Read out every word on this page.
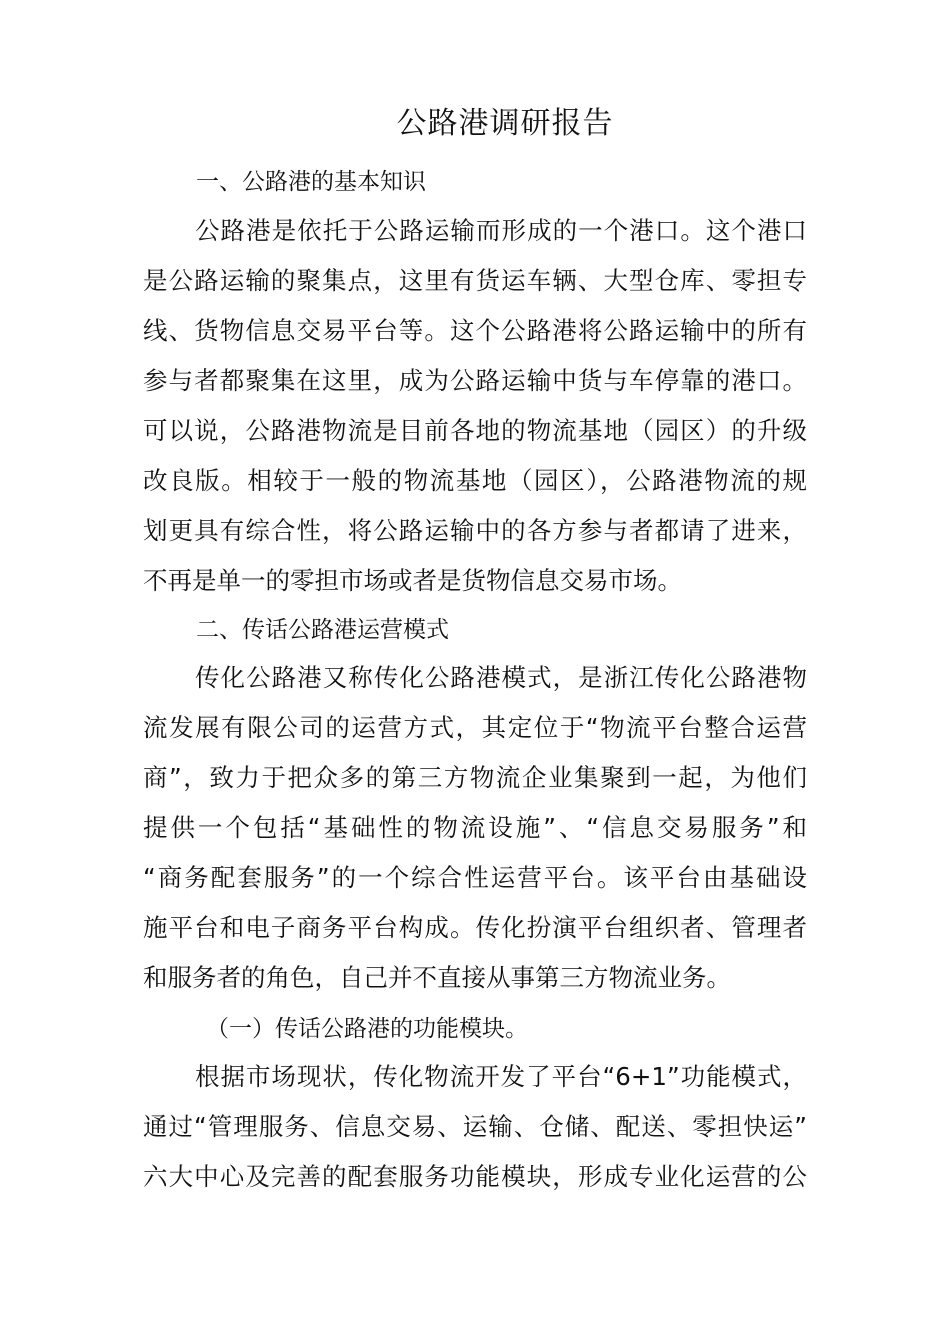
公路港调研报告
一、公路港的基本知识
公路港是依托于公路运输而形成的一个港口。这个港口
是公路运输的聚集点，这里有货运车辆、大型仓库、零担专
线、货物信息交易平台等。这个公路港将公路运输中的所有
参与者都聚集在这里，成为公路运输中货与车停靠的港口。
可以说，公路港物流是目前各地的物流基地（园区）的升级
改良版。相较于一般的物流基地（园区），公路港物流的规
划更具有综合性，将公路运输中的各方参与者都请了进来，
不再是单一的零担市场或者是货物信息交易市场。
二、传话公路港运营模式
传化公路港又称传化公路港模式，是浙江传化公路港物
流发展有限公司的运营方式，其定位于“物流平台整合运营
商”，致力于把众多的第三方物流企业集聚到一起，为他们
提供一个包括“基础性的物流设施”、“信息交易服务”和
“商务配套服务”的一个综合性运营平台。该平台由基础设
施平台和电子商务平台构成。传化扮演平台组织者、管理者
和服务者的角色，自己并不直接从事第三方物流业务。
（一）传话公路港的功能模块。
根据市场现状，传化物流开发了平台“6+1”功能模式，
通过“管理服务、信息交易、运输、仓储、配送、零担快运”
六大中心及完善的配套服务功能模块，形成专业化运营的公
